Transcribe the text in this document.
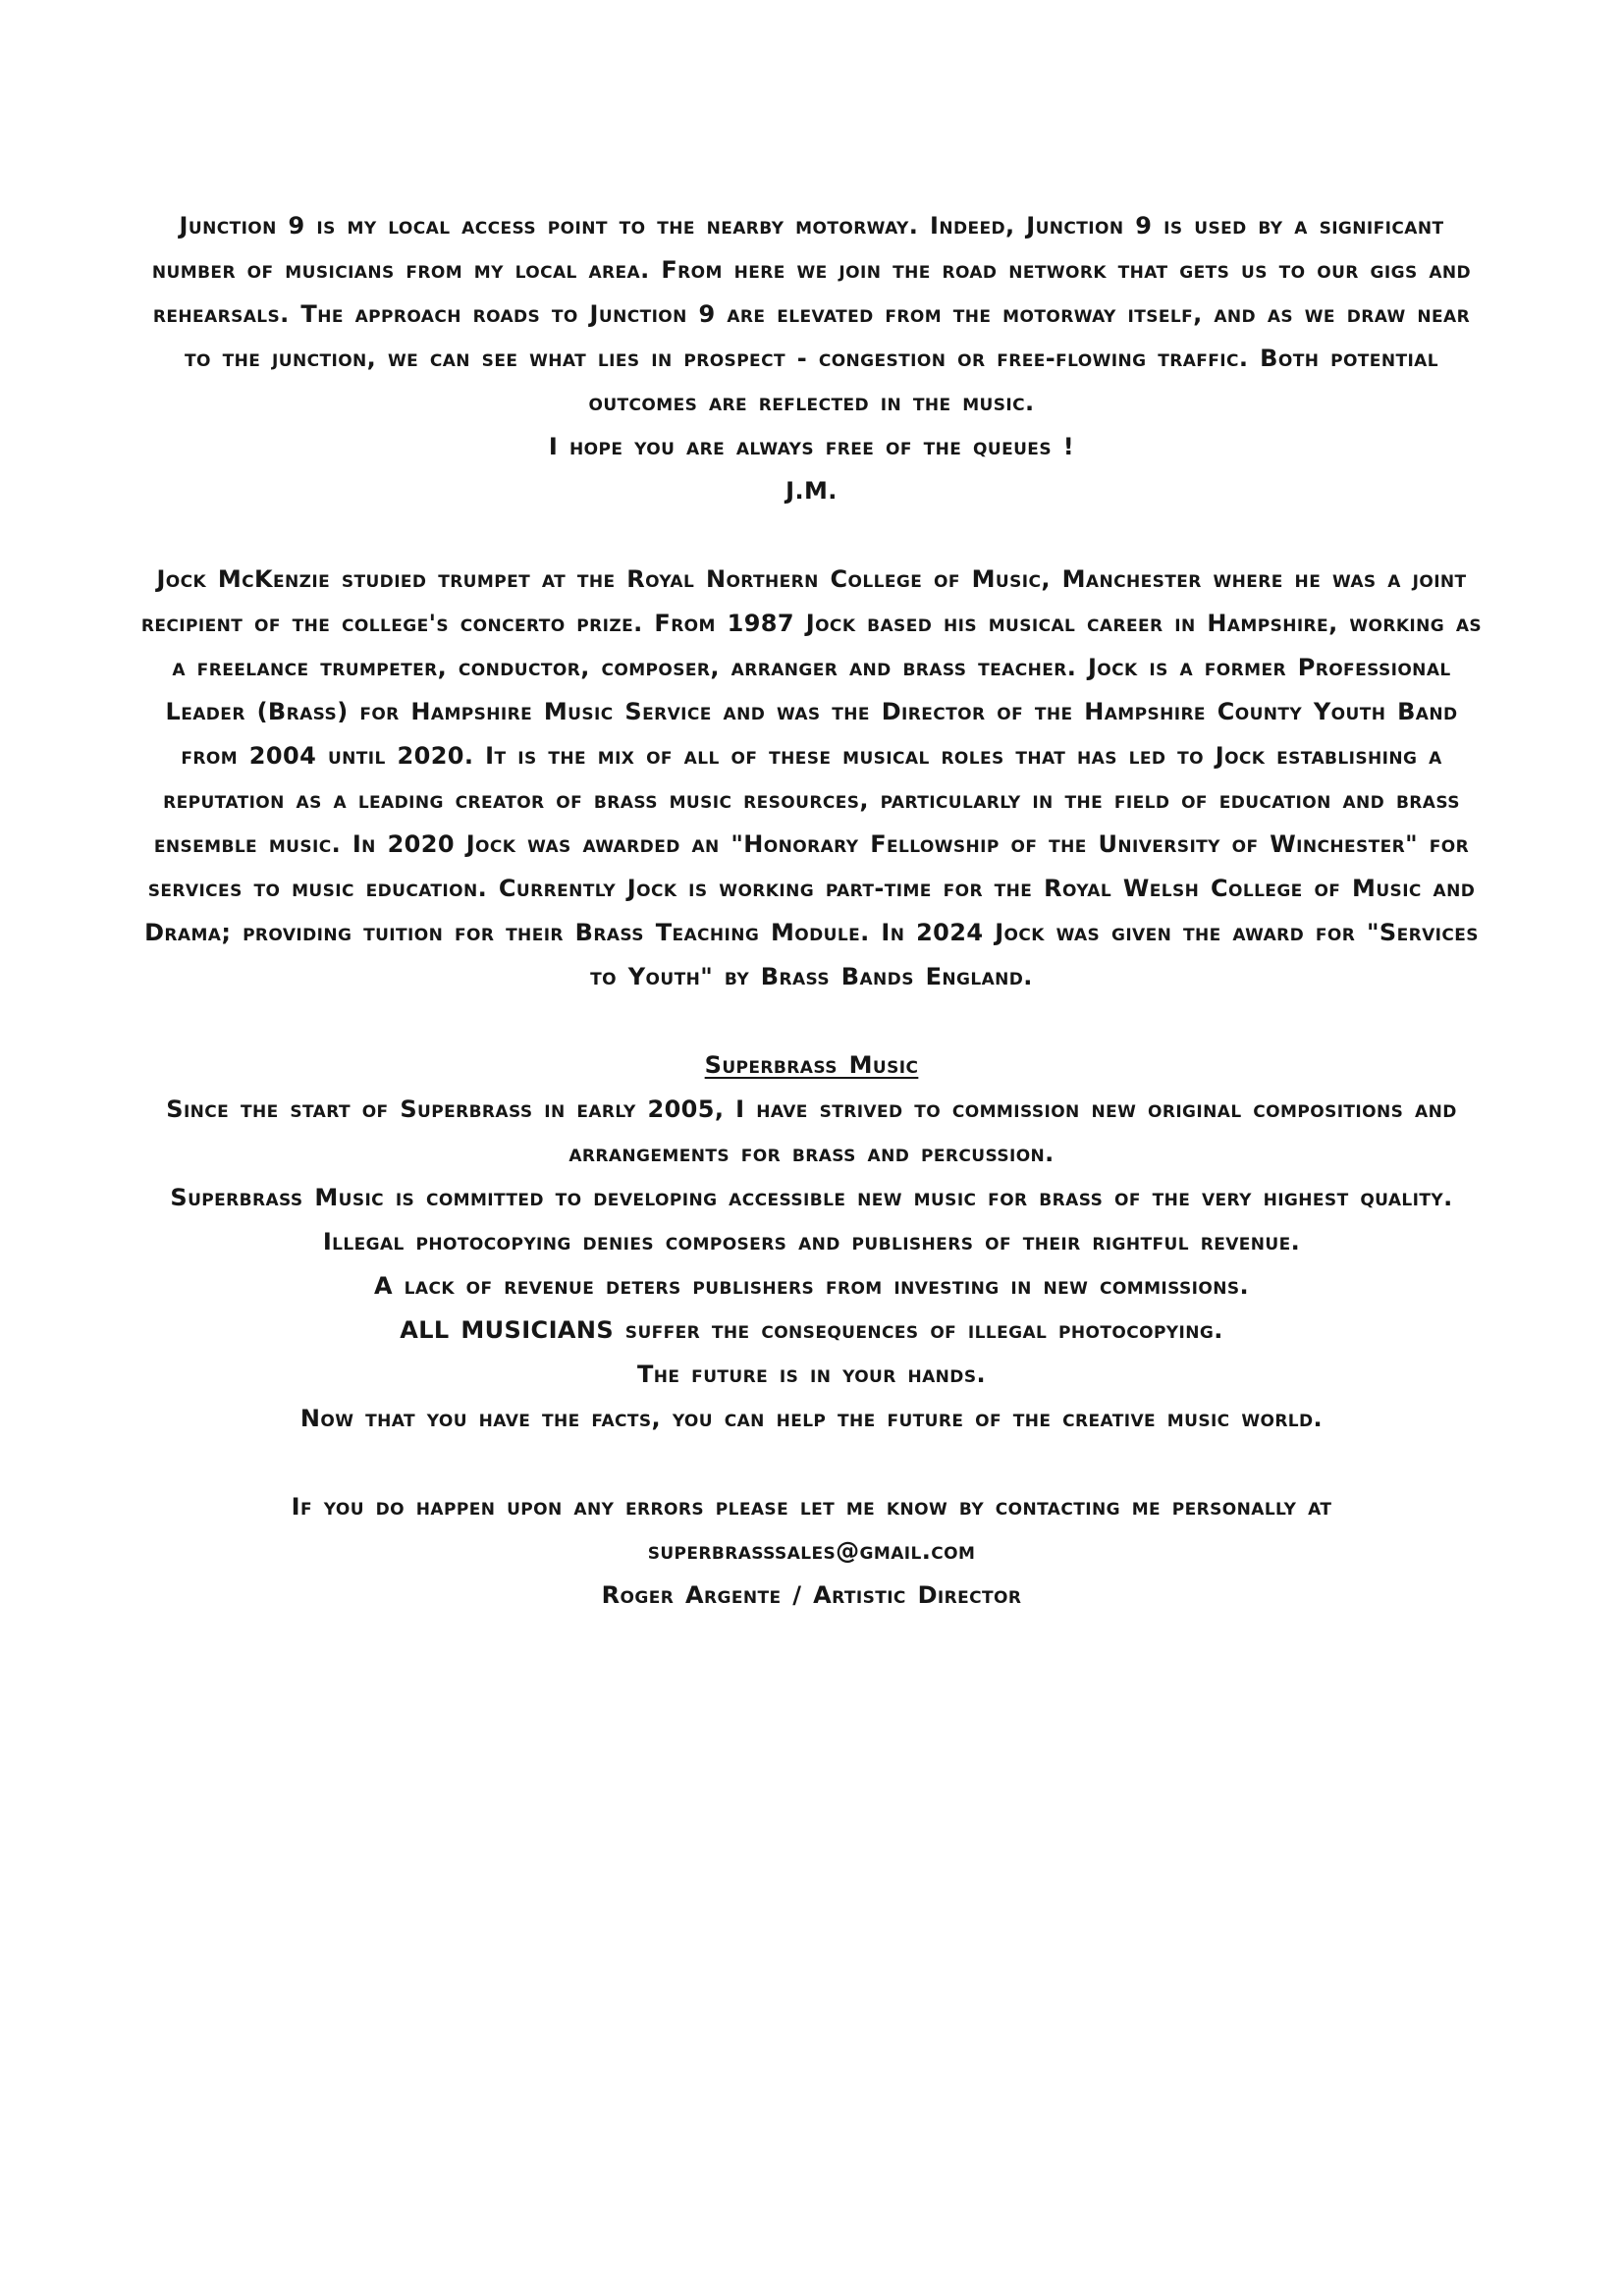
Junction 9 is my local access point to the nearby motorway. Indeed, Junction 9 is used by a significant number of musicians from my local area. From here we join the road network that gets us to our gigs and rehearsals. The approach roads to Junction 9 are elevated from the motorway itself, and as we draw near to the junction, we can see what lies in prospect - congestion or free-flowing traffic. Both potential outcomes are reflected in the music.
I hope you are always free of the queues !
J.M.
Jock McKenzie studied trumpet at the Royal Northern College of Music, Manchester where he was a joint recipient of the college's concerto prize. From 1987 Jock based his musical career in Hampshire, working as a freelance trumpeter, conductor, composer, arranger and brass teacher. Jock is a former Professional Leader (Brass) for Hampshire Music Service and was the Director of the Hampshire County Youth Band from 2004 until 2020. It is the mix of all of these musical roles that has led to Jock establishing a reputation as a leading creator of brass music resources, particularly in the field of education and brass ensemble music. In 2020 Jock was awarded an "Honorary Fellowship of the University of Winchester" for services to music education. Currently Jock is working part-time for the Royal Welsh College of Music and Drama; providing tuition for their Brass Teaching Module. In 2024 Jock was given the award for "Services to Youth" by Brass Bands England.
Superbrass Music
Since the start of Superbrass in early 2005, I have strived to commission new original compositions and arrangements for brass and percussion.
Superbrass Music is committed to developing accessible new music for brass of the very highest quality.
Illegal photocopying denies composers and publishers of their rightful revenue.
A lack of revenue deters publishers from investing in new commissions.
ALL MUSICIANS suffer the consequences of illegal photocopying.
The future is in your hands.
Now that you have the facts, you can help the future of the creative music world.
If you do happen upon any errors please let me know by contacting me personally at
superbrasssales@gmail.com
Roger Argente / Artistic Director
